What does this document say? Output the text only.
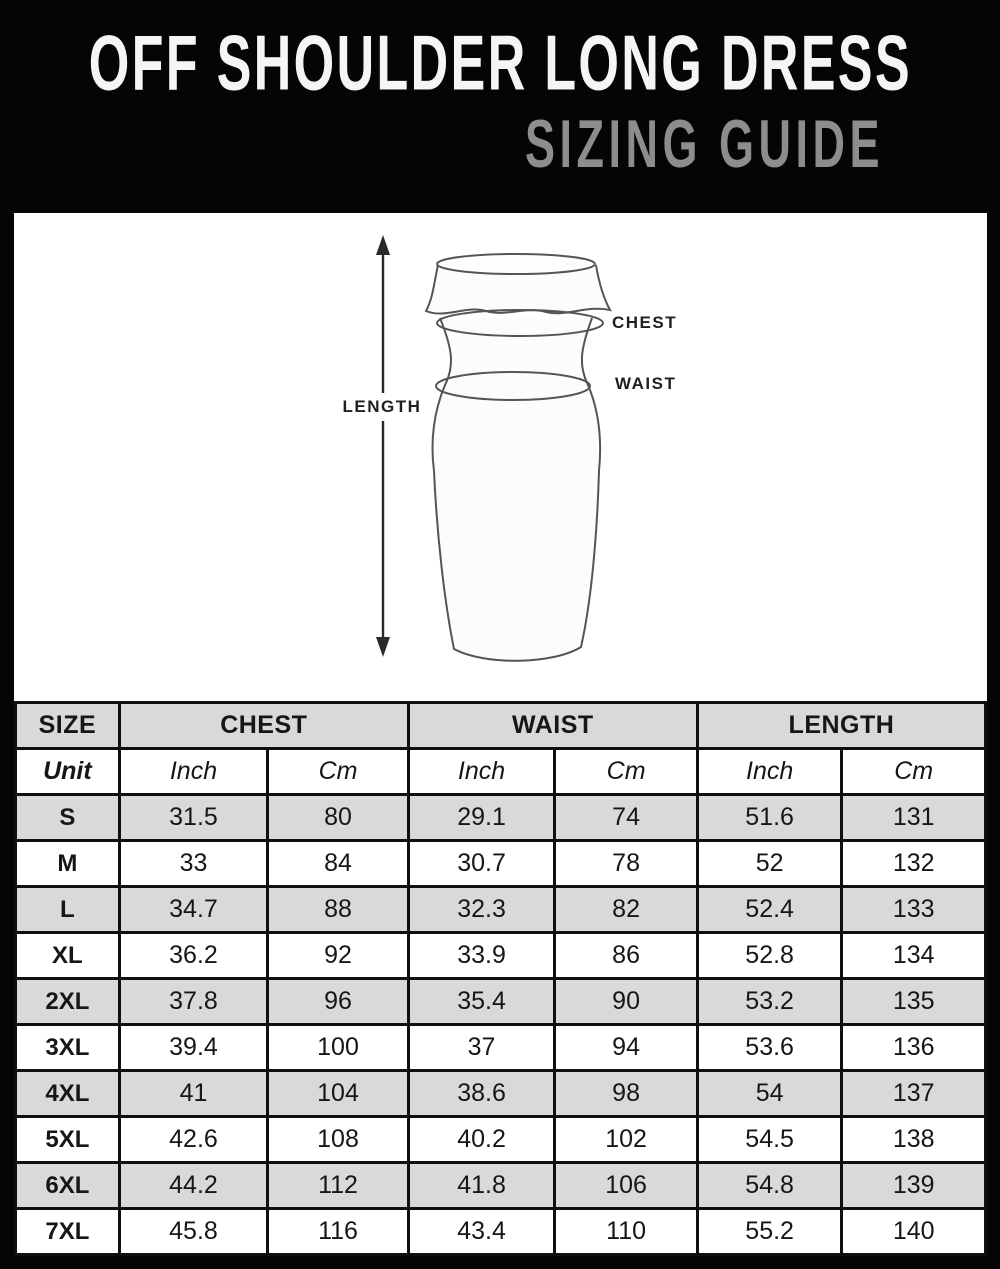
OFF SHOULDER LONG DRESS
SIZING GUIDE
LENGTH
CHEST
WAIST
SIZE	CHEST		WAIST		LENGTH	
Unit	Inch	Cm	Inch	Cm	Inch	Cm
S	31.5	80	29.1	74	51.6	131
M	33	84	30.7	78	52	132
L	34.7	88	32.3	82	52.4	133
XL	36.2	92	33.9	86	52.8	134
2XL	37.8	96	35.4	90	53.2	135
3XL	39.4	100	37	94	53.6	136
4XL	41	104	38.6	98	54	137
5XL	42.6	108	40.2	102	54.5	138
6XL	44.2	112	41.8	106	54.8	139
7XL	45.8	116	43.4	110	55.2	140
